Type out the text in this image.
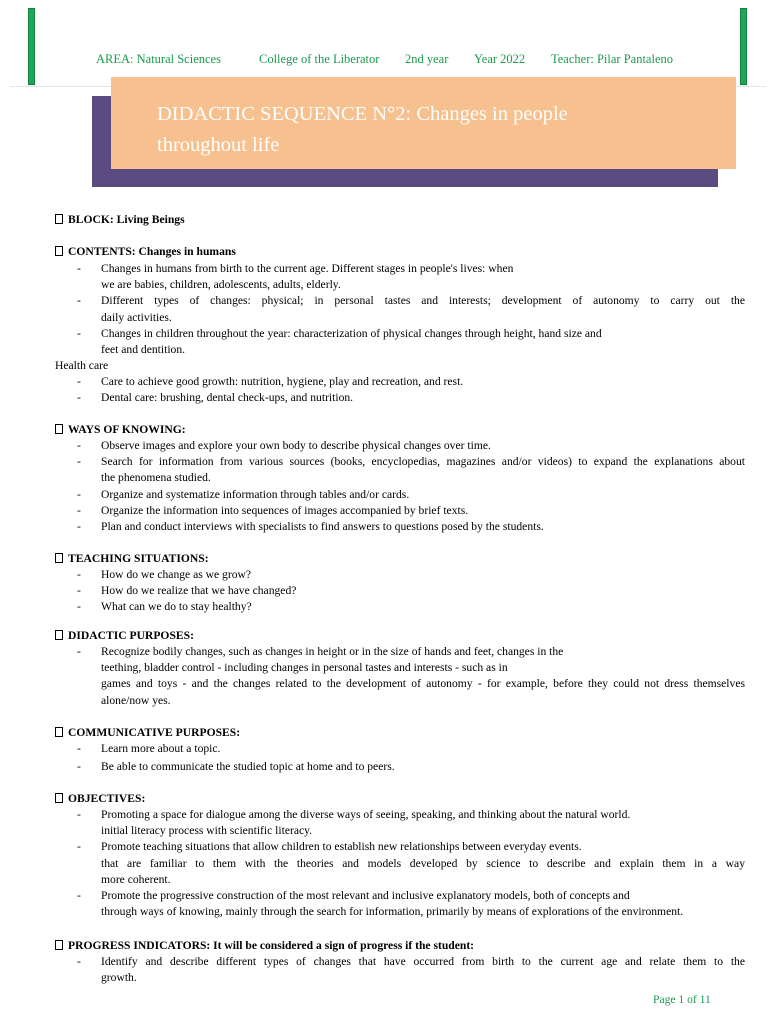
AREA: Natural Sciences	College of the Liberator 2nd year Year 2022 Teacher: Pilar Pantaleno
DIDACTIC SEQUENCE N°2: Changes in people
throughout life
BLOCK: Living Beings
CONTENTS: Changes in humans
- Changes in humans from birth to the current age. Different stages in people's lives: when
we are babies, children, adolescents, adults, elderly.
- Different types of changes: physical; in personal tastes and interests; development of autonomy to carry out the
daily activities.
- Changes in children throughout the year: characterization of physical changes through height, hand size and
feet and dentition.
Health care
- Care to achieve good growth: nutrition, hygiene, play and recreation, and rest.
- Dental care: brushing, dental check-ups, and nutrition.
WAYS OF KNOWING:
- Observe images and explore your own body to describe physical changes over time.
- Search for information from various sources (books, encyclopedias, magazines and/or videos) to expand the explanations about
the phenomena studied.
- Organize and systematize information through tables and/or cards.
- Organize the information into sequences of images accompanied by brief texts.
- Plan and conduct interviews with specialists to find answers to questions posed by the students.
TEACHING SITUATIONS:
- How do we change as we grow?
- How do we realize that we have changed?
- What can we do to stay healthy?
DIDACTIC PURPOSES:
- Recognize bodily changes, such as changes in height or in the size of hands and feet, changes in the
teething, bladder control - including changes in personal tastes and interests - such as in
games and toys - and the changes related to the development of autonomy - for example, before they could not dress themselves
alone/now yes.
COMMUNICATIVE PURPOSES:
- Learn more about a topic.
- Be able to communicate the studied topic at home and to peers.
OBJECTIVES:
- Promoting a space for dialogue among the diverse ways of seeing, speaking, and thinking about the natural world.
initial literacy process with scientific literacy.
- Promote teaching situations that allow children to establish new relationships between everyday events.
that are familiar to them with the theories and models developed by science to describe and explain them in a way
more coherent.
- Promote the progressive construction of the most relevant and inclusive explanatory models, both of concepts and
through ways of knowing, mainly through the search for information, primarily by means of explorations of the environment.
PROGRESS INDICATORS: It will be considered a sign of progress if the student:
- Identify and describe different types of changes that have occurred from birth to the current age and relate them to the
growth.
Page 1 of 11
